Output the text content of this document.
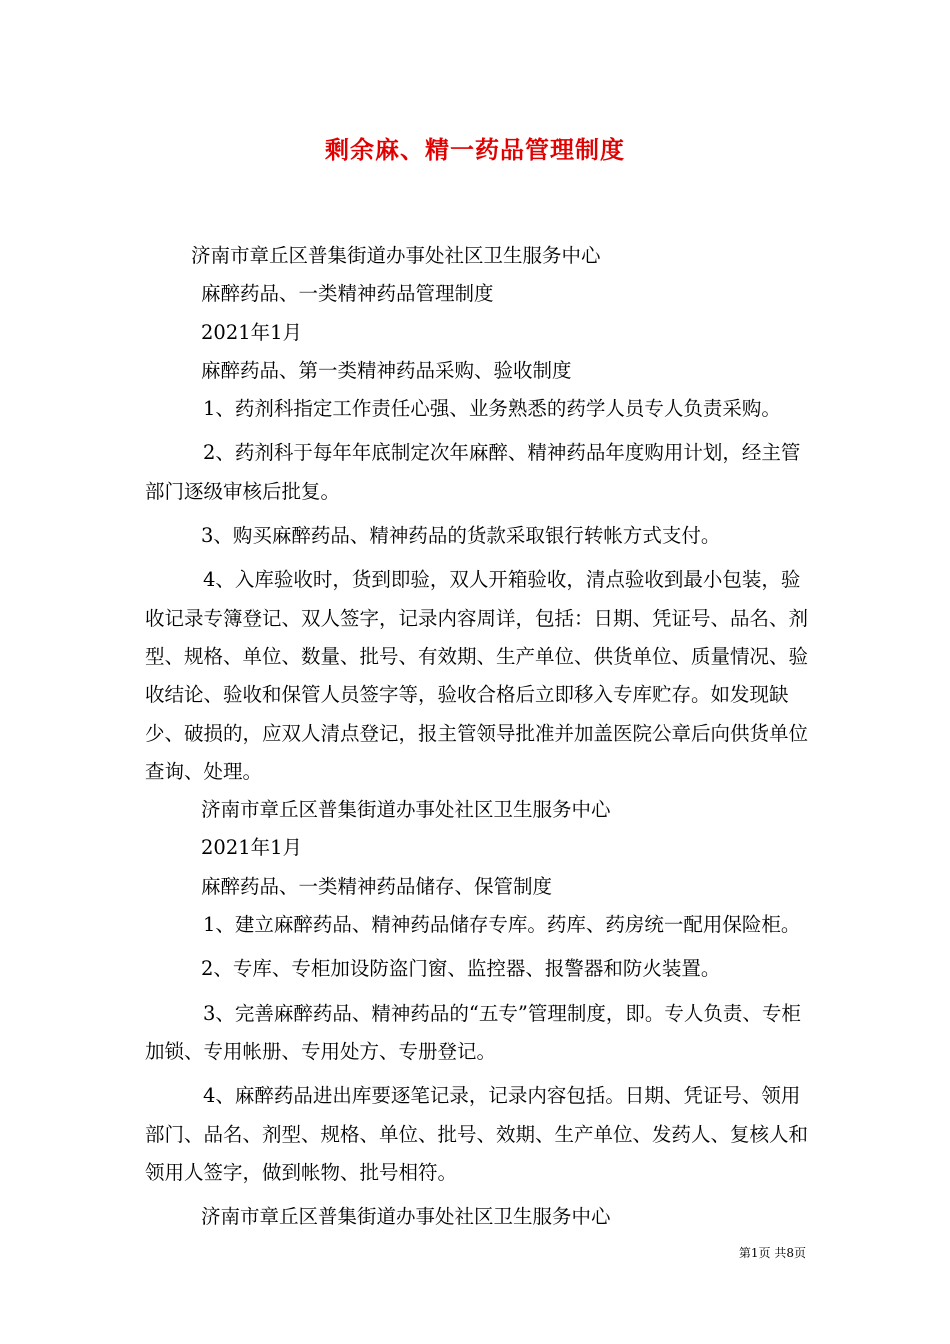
剩余麻、精一药品管理制度

济南市章丘区普集街道办事处社区卫生服务中心

麻醉药品、一类精神药品管理制度

2021年1月

麻醉药品、第一类精神药品采购、验收制度

1、药剂科指定工作责任心强、业务熟悉的药学人员专人负责采购。

2、药剂科于每年年底制定次年麻醉、精神药品年度购用计划，经主管部门逐级审核后批复。

3、购买麻醉药品、精神药品的货款采取银行转帐方式支付。

4、入库验收时，货到即验，双人开箱验收，清点验收到最小包装，验收记录专簿登记、双人签字，记录内容周详，包括：日期、凭证号、品名、剂型、规格、单位、数量、批号、有效期、生产单位、供货单位、质量情况、验收结论、验收和保管人员签字等，验收合格后立即移入专库贮存。如发现缺少、破损的，应双人清点登记，报主管领导批准并加盖医院公章后向供货单位查询、处理。

济南市章丘区普集街道办事处社区卫生服务中心

2021年1月

麻醉药品、一类精神药品储存、保管制度

1、建立麻醉药品、精神药品储存专库。药库、药房统一配用保险柜。

2、专库、专柜加设防盗门窗、监控器、报警器和防火装置。

3、完善麻醉药品、精神药品的“五专”管理制度，即。专人负责、专柜加锁、专用帐册、专用处方、专册登记。

4、麻醉药品进出库要逐笔记录，记录内容包括。日期、凭证号、领用部门、品名、剂型、规格、单位、批号、效期、生产单位、发药人、复核人和领用人签字，做到帐物、批号相符。

济南市章丘区普集街道办事处社区卫生服务中心

第1页 共8页
